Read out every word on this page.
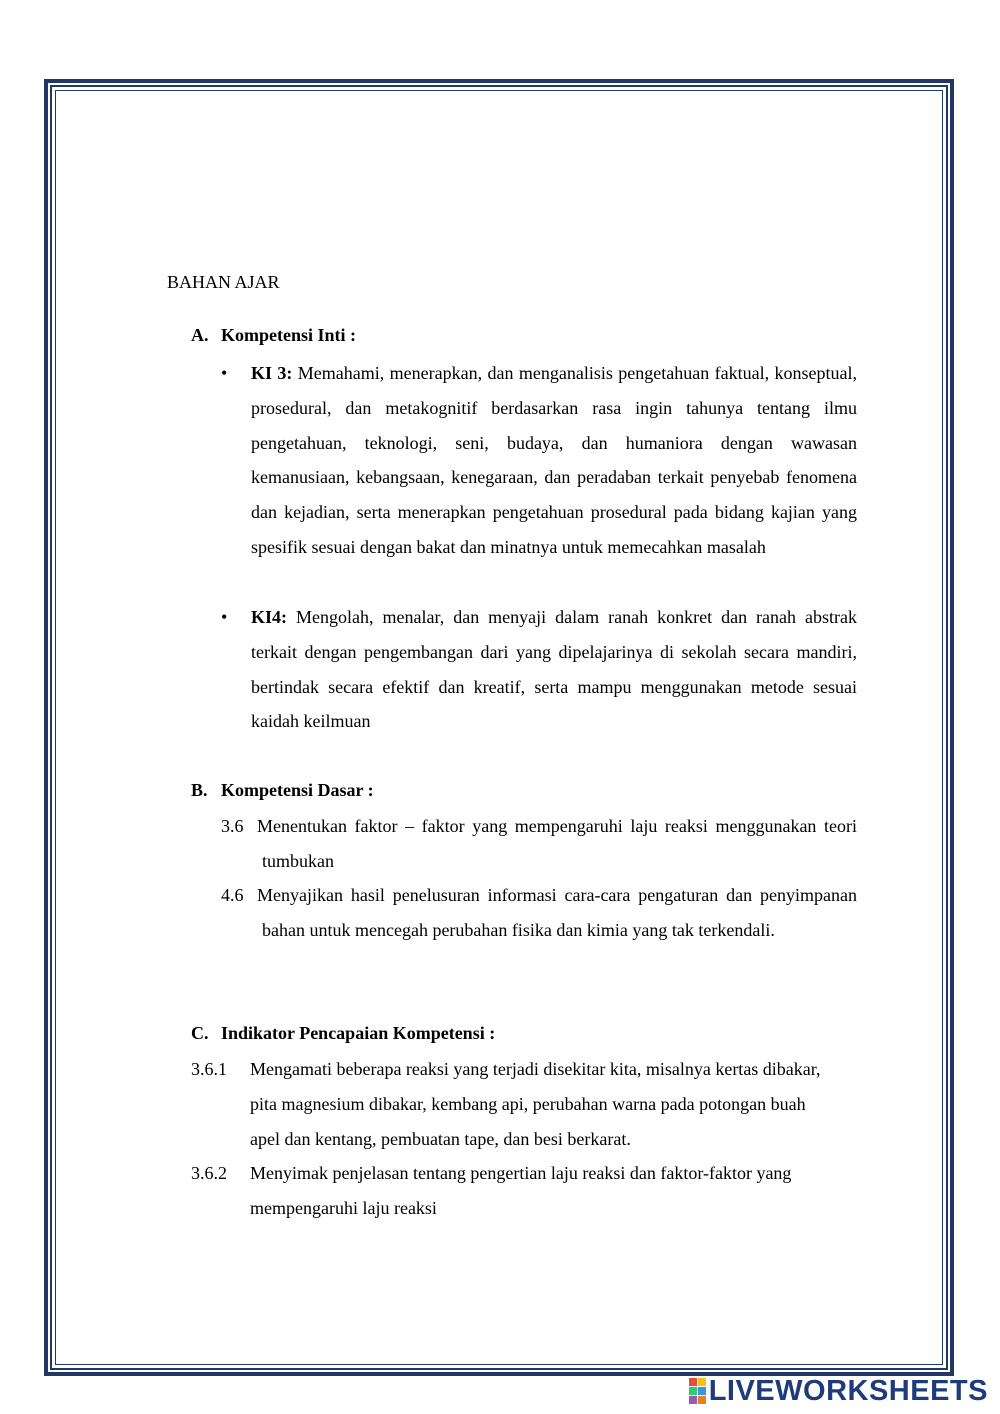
BAHAN AJAR
A. Kompetensi Inti :
• KI 3: Memahami, menerapkan, dan menganalisis pengetahuan faktual, konseptual, prosedural, dan metakognitif berdasarkan rasa ingin tahunya tentang ilmu pengetahuan, teknologi, seni, budaya, dan humaniora dengan wawasan kemanusiaan, kebangsaan, kenegaraan, dan peradaban terkait penyebab fenomena dan kejadian, serta menerapkan pengetahuan prosedural pada bidang kajian yang spesifik sesuai dengan bakat dan minatnya untuk memecahkan masalah
• KI4: Mengolah, menalar, dan menyaji dalam ranah konkret dan ranah abstrak terkait dengan pengembangan dari yang dipelajarinya di sekolah secara mandiri, bertindak secara efektif dan kreatif, serta mampu menggunakan metode sesuai kaidah keilmuan
B. Kompetensi Dasar :
3.6 Menentukan faktor – faktor yang mempengaruhi laju reaksi menggunakan teori tumbukan
4.6 Menyajikan hasil penelusuran informasi cara-cara pengaturan dan penyimpanan bahan untuk mencegah perubahan fisika dan kimia yang tak terkendali.
C. Indikator Pencapaian Kompetensi :
3.6.1 Mengamati beberapa reaksi yang terjadi disekitar kita, misalnya kertas dibakar, pita magnesium dibakar, kembang api, perubahan warna pada potongan buah apel dan kentang, pembuatan tape, dan besi berkarat.
3.6.2 Menyimak penjelasan tentang pengertian laju reaksi dan faktor-faktor yang mempengaruhi laju reaksi
LIVEWORKSHEETS
